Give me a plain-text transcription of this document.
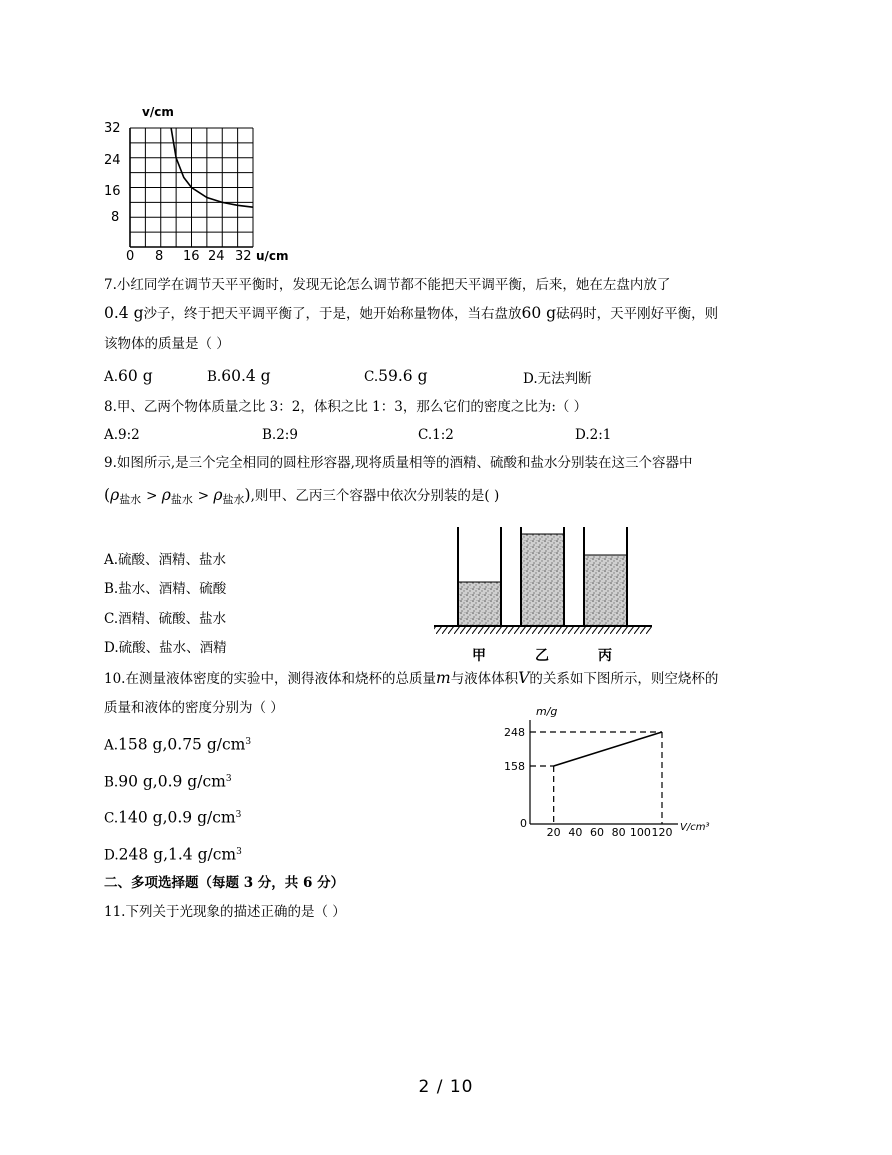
v/cm
u/cm
32
24
16
8
0 8 16 24 32
7.小红同学在调节天平平衡时，发现无论怎么调节都不能把天平调平衡，后来，她在左盘内放了
0.4 g沙子，终于把天平调平衡了，于是，她开始称量物体，当右盘放60 g砝码时，天平刚好平衡，则
该物体的质量是（ ）
A.60 g	B.60.4 g	C.59.6 g	D.无法判断
8.甲、乙两个物体质量之比 3：2，体积之比 1：3，那么它们的密度之比为:（ ）
A.9:2	B.2:9	C.1:2	D.2:1
9.如图所示,是三个完全相同的圆柱形容器,现将质量相等的酒精、硫酸和盐水分别装在这三个容器中
$(\rho_{盐水} > \rho_{盐水} > \rho_{盐水})$,则甲、乙丙三个容器中依次分别装的是( )
A.硫酸、酒精、盐水
B.盐水、酒精、硫酸
C.酒精、硫酸、盐水
D.硫酸、盐水、酒精	甲	乙	丙
10.在测量液体密度的实验中，测得液体和烧杯的总质量m与液体体积V的关系如下图所示，则空烧杯的
质量和液体的密度分别为（ ）
A.158 g,0.75 $g/cm^3$
B.90 g,0.9 $g/cm^3$
C.140 g,0.9 $g/cm^3$
D.248 g,1.4 $g/cm^3$
m/g
248
158
0
20 40 60 80 100 120 V/cm³
二、多项选择题（每题 3 分，共 6 分）
11.下列关于光现象的描述正确的是（ ）
2 / 10
